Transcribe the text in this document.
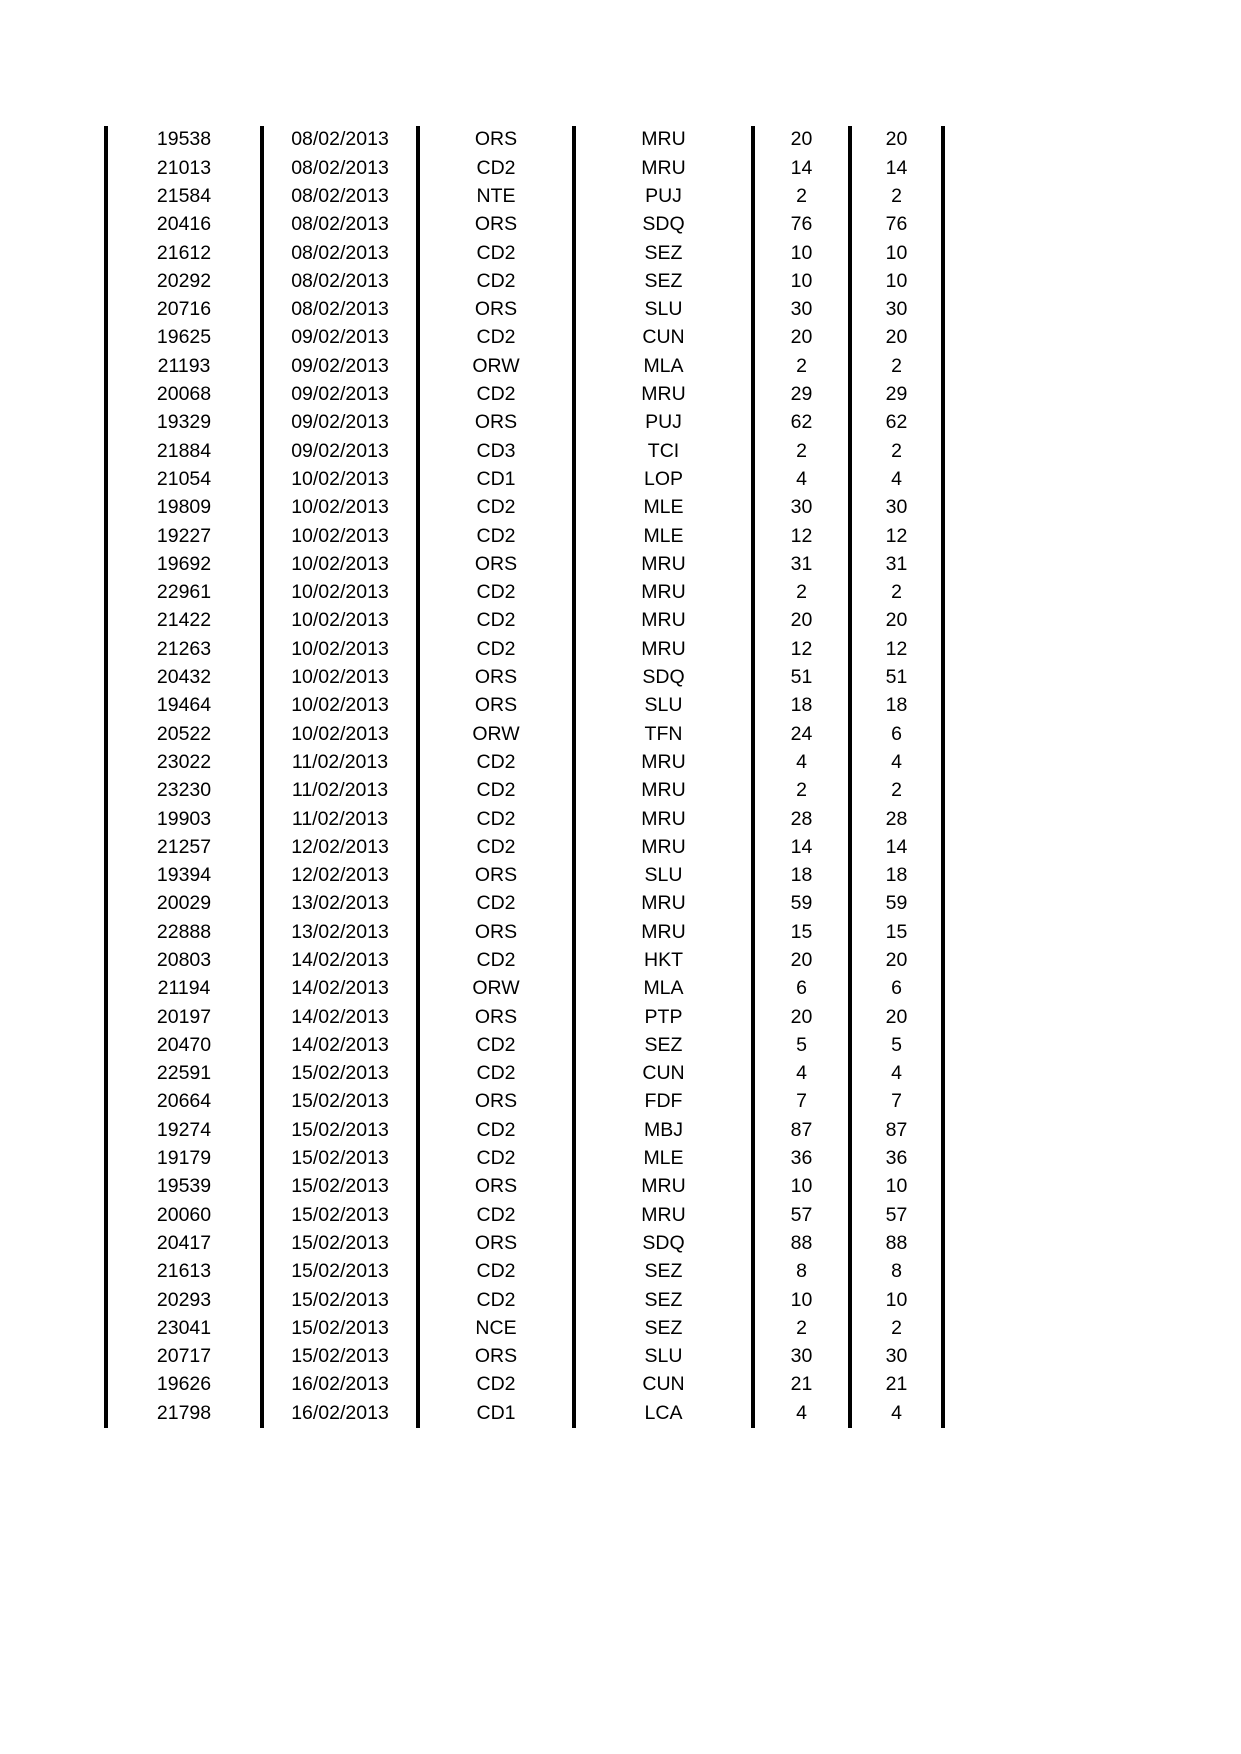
19538	08/02/2013	ORS	MRU	20	20
21013	08/02/2013	CD2	MRU	14	14
21584	08/02/2013	NTE	PUJ	2	2
20416	08/02/2013	ORS	SDQ	76	76
21612	08/02/2013	CD2	SEZ	10	10
20292	08/02/2013	CD2	SEZ	10	10
20716	08/02/2013	ORS	SLU	30	30
19625	09/02/2013	CD2	CUN	20	20
21193	09/02/2013	ORW	MLA	2	2
20068	09/02/2013	CD2	MRU	29	29
19329	09/02/2013	ORS	PUJ	62	62
21884	09/02/2013	CD3	TCI	2	2
21054	10/02/2013	CD1	LOP	4	4
19809	10/02/2013	CD2	MLE	30	30
19227	10/02/2013	CD2	MLE	12	12
19692	10/02/2013	ORS	MRU	31	31
22961	10/02/2013	CD2	MRU	2	2
21422	10/02/2013	CD2	MRU	20	20
21263	10/02/2013	CD2	MRU	12	12
20432	10/02/2013	ORS	SDQ	51	51
19464	10/02/2013	ORS	SLU	18	18
20522	10/02/2013	ORW	TFN	24	6
23022	11/02/2013	CD2	MRU	4	4
23230	11/02/2013	CD2	MRU	2	2
19903	11/02/2013	CD2	MRU	28	28
21257	12/02/2013	CD2	MRU	14	14
19394	12/02/2013	ORS	SLU	18	18
20029	13/02/2013	CD2	MRU	59	59
22888	13/02/2013	ORS	MRU	15	15
20803	14/02/2013	CD2	HKT	20	20
21194	14/02/2013	ORW	MLA	6	6
20197	14/02/2013	ORS	PTP	20	20
20470	14/02/2013	CD2	SEZ	5	5
22591	15/02/2013	CD2	CUN	4	4
20664	15/02/2013	ORS	FDF	7	7
19274	15/02/2013	CD2	MBJ	87	87
19179	15/02/2013	CD2	MLE	36	36
19539	15/02/2013	ORS	MRU	10	10
20060	15/02/2013	CD2	MRU	57	57
20417	15/02/2013	ORS	SDQ	88	88
21613	15/02/2013	CD2	SEZ	8	8
20293	15/02/2013	CD2	SEZ	10	10
23041	15/02/2013	NCE	SEZ	2	2
20717	15/02/2013	ORS	SLU	30	30
19626	16/02/2013	CD2	CUN	21	21
21798	16/02/2013	CD1	LCA	4	4
